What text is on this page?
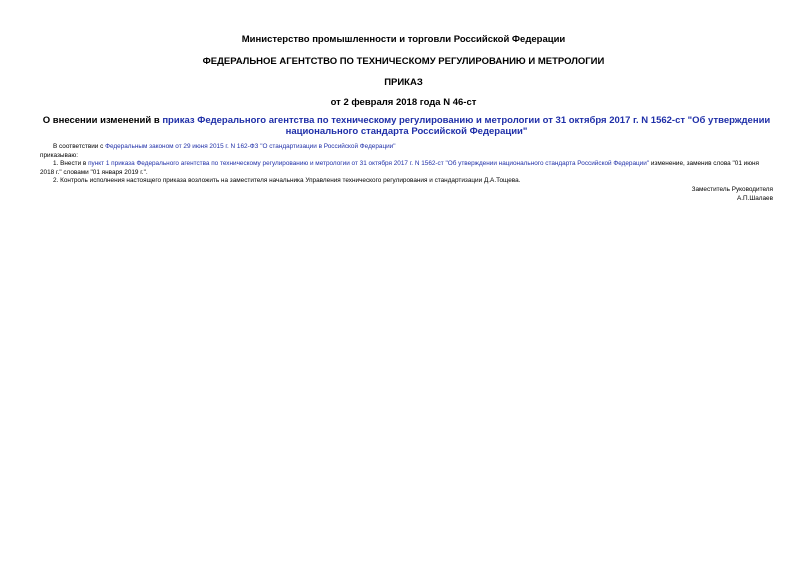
Министерство промышленности и торговли Российской Федерации
ФЕДЕРАЛЬНОЕ АГЕНТСТВО ПО ТЕХНИЧЕСКОМУ РЕГУЛИРОВАНИЮ И МЕТРОЛОГИИ
ПРИКАЗ
от 2 февраля 2018 года N 46-ст
О внесении изменений в приказ Федерального агентства по техническому регулированию и метрологии от 31 октября 2017 г. N 1562-ст "Об утверждении национального стандарта Российской Федерации"

В соответствии с Федеральным законом от 29 июня 2015 г. N 162-ФЗ "О стандартизации в Российской Федерации"

приказываю:

1. Внести в пункт 1 приказа Федерального агентства по техническому регулированию и метрологии от 31 октября 2017 г. N 1562-ст "Об утверждении национального стандарта Российской Федерации" изменение, заменив слова "01 июня 2018 г." словами "01 января 2019 г.".

2. Контроль исполнения настоящего приказа возложить на заместителя начальника Управления технического регулирования и стандартизации Д.А.Тощева.

Заместитель Руководителя

А.П.Шалаев
